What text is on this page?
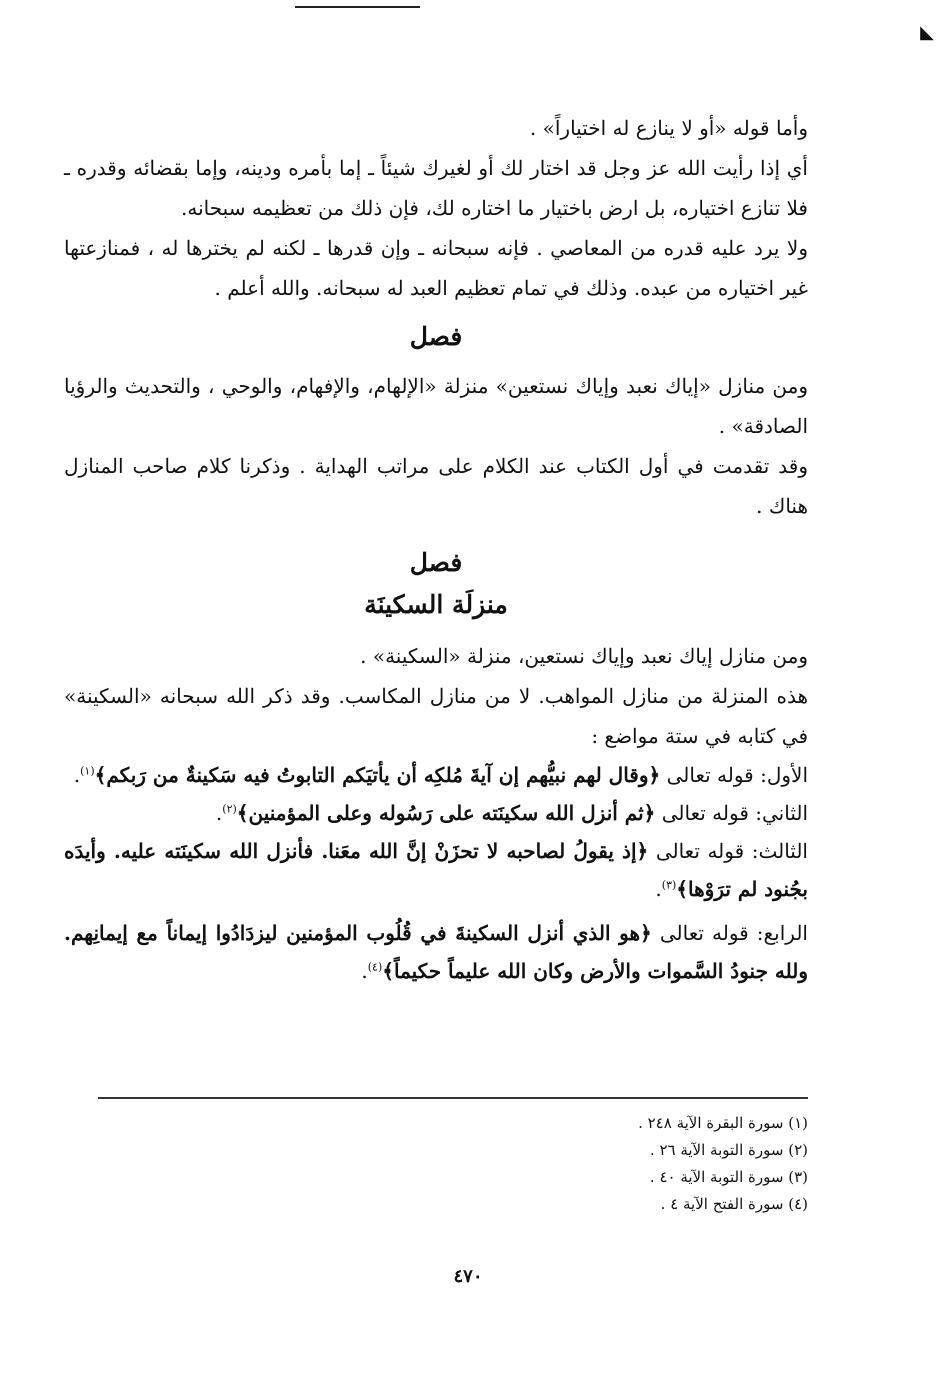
◣
وأما قوله «أو لا ينازع له اختياراً» .
أي إذا رأيت الله عز وجل قد اختار لك أو لغيرك شيئاً ـ إما بأمره ودينه، وإما بقضائه وقدره ـ فلا تنازع اختياره، بل ارض باختيار ما اختاره لك، فإن ذلك من تعظيمه سبحانه.
ولا يرد عليه قدره من المعاصي . فإنه سبحانه ـ وإن قدرها ـ لكنه لم يخترها له ، فمنازعتها غير اختياره من عبده. وذلك في تمام تعظيم العبد له سبحانه. والله أعلم .
فصل
ومن منازل «إياك نعبد وإياك نستعين» منزلة «الإلهام، والإفهام، والوحي ، والتحديث والرؤيا الصادقة» .
وقد تقدمت في أول الكتاب عند الكلام على مراتب الهداية . وذكرنا كلام صاحب المنازل هناك .
فصل
منزلَة السكينَة
ومن منازل إياك نعبد وإياك نستعين، منزلة «السكينة» .
هذه المنزلة من منازل المواهب. لا من منازل المكاسب. وقد ذكر الله سبحانه «السكينة» في كتابه في ستة مواضع :
الأول: قوله تعالى ﴿وقال لهم نبيُّهم إن آيةَ مُلكِه أن يأتيَكم التابوتُ فيه سَكينةٌ من رَبكم﴾$^{(١)}$.
الثاني: قوله تعالى ﴿ثم أنزل الله سكينَته على رَسُوله وعلى المؤمنين﴾$^{(٢)}$.
الثالث: قوله تعالى ﴿إذ يقولُ لصاحبه لا تحزَنْ إنَّ الله معَنا. فأنزل الله سكينَته عليه. وأيدَه بجُنود لم ترَوْها﴾$^{(٣)}$.
الرابع: قوله تعالى ﴿هو الذي أنزل السكينةَ في قُلُوب المؤمنين ليزدَادُوا إيماناً مع إيمانِهم. ولله جنودُ السَّموات والأرض وكان الله عليماً حكيماً﴾$^{(٤)}$.
(١) سورة البقرة الآية ٢٤٨ .
(٢) سورة التوبة الآية ٢٦ .
(٣) سورة التوبة الآية ٤٠ .
(٤) سورة الفتح الآية ٤ .
٤٧٠
